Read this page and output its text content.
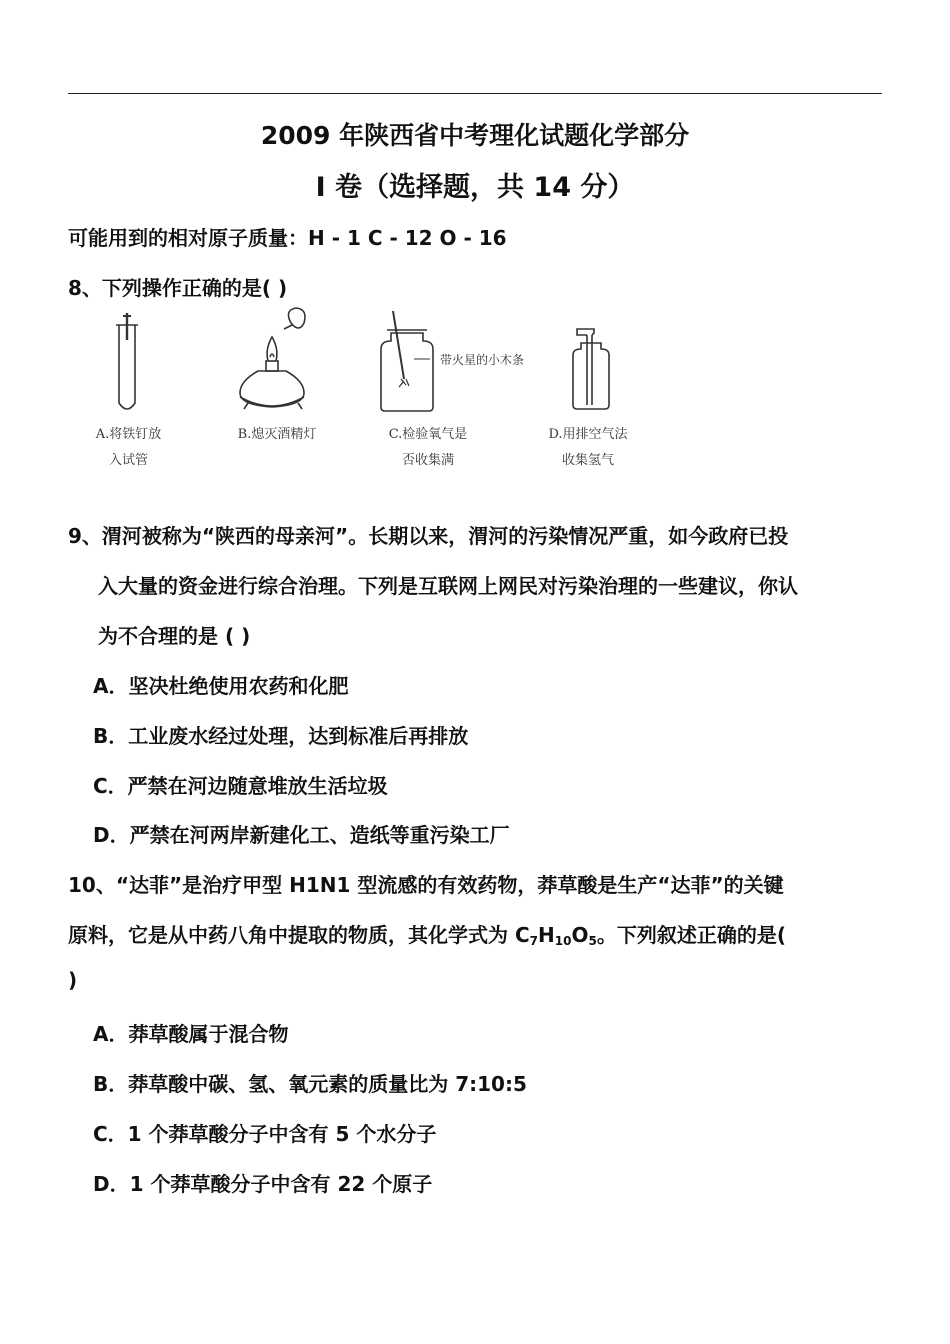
2009 年陕西省中考理化试题化学部分
I 卷（选择题，共 14 分）
可能用到的相对原子质量：H - 1 C - 12 O - 16
8、下列操作正确的是( )
带火星的小木条
A.将铁钉放
入试管
B.熄灭酒精灯	C.检验氧气是
否收集满
D.用排空气法
收集氢气
9、渭河被称为“陕西的母亲河”。长期以来，渭河的污染情况严重，如今政府已投
入大量的资金进行综合治理。下列是互联网上网民对污染治理的一些建议，你认
为不合理的是 ( )
A．坚决杜绝使用农药和化肥
B．工业废水经过处理，达到标准后再排放
C．严禁在河边随意堆放生活垃圾
D．严禁在河两岸新建化工、造纸等重污染工厂
10、“达菲”是治疗甲型 H1N1 型流感的有效药物，莽草酸是生产“达菲”的关键
原料，它是从中药八角中提取的物质，其化学式为 $C_7H_{10}O_5$。下列叙述正确的是(
)
A．莽草酸属于混合物
B．莽草酸中碳、氢、氧元素的质量比为 7:10:5
C．1 个莽草酸分子中含有 5 个水分子
D．1 个莽草酸分子中含有 22 个原子
